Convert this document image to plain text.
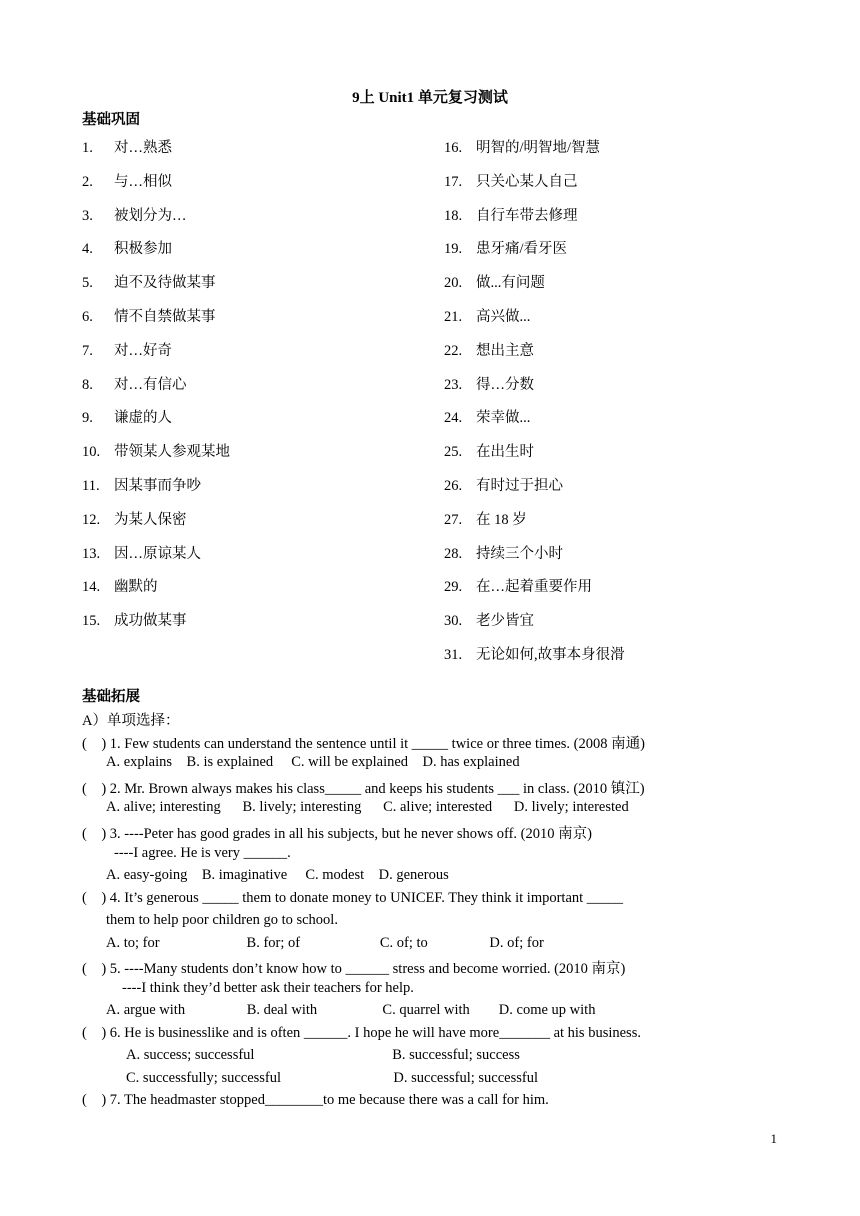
9上 Unit1 单元复习测试
基础巩固
1. 对…熟悉
2. 与…相似
3. 被划分为…
4. 积极参加
5. 迫不及待做某事
6. 情不自禁做某事
7. 对…好奇
8. 对…有信心
9. 谦虚的人
10. 带领某人参观某地
11. 因某事而争吵
12. 为某人保密
13. 因…原谅某人
14. 幽默的
15. 成功做某事
16. 明智的/明智地/智慧
17. 只关心某人自己
18. 自行车带去修理
19. 患牙痛/看牙医
20. 做...有问题
21. 高兴做...
22. 想出主意
23. 得…分数
24. 荣幸做...
25. 在出生时
26. 有时过于担心
27. 在 18 岁
28. 持续三个小时
29. 在…起着重要作用
30. 老少皆宜
31. 无论如何,故事本身很滑
基础拓展
A）单项选择：
(    ) 1. Few students can understand the sentence until it _____ twice or three times. (2008 南通)
A. explains    B. is explained     C. will be explained    D. has explained
(    ) 2. Mr. Brown always makes his class_____ and keeps his students ___ in class. (2010 镇江)
A. alive; interesting      B. lively; interesting      C. alive; interested      D. lively; interested
(    ) 3. ----Peter has good grades in all his subjects, but he never shows off. (2010 南京)
----I agree. He is very ______.
A. easy-going    B. imaginative     C. modest    D. generous
(    ) 4. It’s generous _____ them to donate money to UNICEF. They think it important _____
them to help poor children go to school.
A. to; for                        B. for; of                      C. of; to                 D. of; for
(    ) 5. ----Many students don’t know how to ______ stress and become worried. (2010 南京)
----I think they’d better ask their teachers for help.
A. argue with                 B. deal with                  C. quarrel with        D. come up with
(    ) 6. He is businesslike and is often ______. I hope he will have more_______ at his business.
A. success; successful                                      B. successful; success
C. successfully; successful                               D. successful; successful
(    ) 7. The headmaster stopped________to me because there was a call for him.
1
